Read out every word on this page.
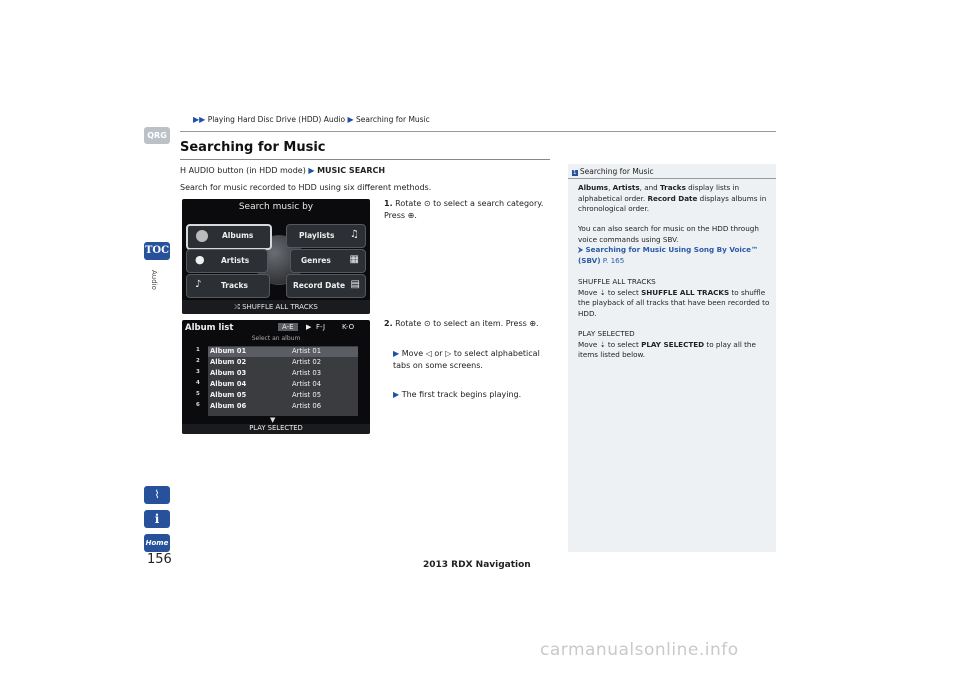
▶▶ Playing Hard Disc Drive (HDD) Audio ▶ Searching for Music
QRG
TOC
Audio
Searching for Music
H AUDIO button (in HDD mode) ▶ MUSIC SEARCH
Search for music recorded to HDD using six different methods.
Search music by
Albums	Playlists ♫
● Artists	Genres ▦
♪	Tracks	Record Date ▤
⤮ SHUFFLE ALL TRACKS
1. Rotate ⊙ to select a search category. Press ⊕.
Album list	A-E	▶ F-J K-O
Select an album
1 Album 01	Artist 01
2 Album 02	Artist 02
3 Album 03	Artist 03
4 Album 04	Artist 04
5 Album 05	Artist 05
6 Album 06	Artist 06
▼
PLAY SELECTED
2. Rotate ⊙ to select an item. Press ⊕.
▶ Move ◁ or ▷ to select alphabetical tabs on some screens.
▶ The first track begins playing.
1 Searching for Music
Albums, Artists, and Tracks display lists in alphabetical order. Record Date displays albums in chronological order.
You can also search for music on the HDD through voice commands using SBV.
⮞ Searching for Music Using Song By Voice™ (SBV) P. 165
SHUFFLE ALL TRACKS
Move ⇣ to select SHUFFLE ALL TRACKS to shuffle the playback of all tracks that have been recorded to HDD.
PLAY SELECTED
Move ⇣ to select PLAY SELECTED to play all the items listed below.
⌇
i
Home
156	2013 RDX Navigation
carmanualsonline.info
